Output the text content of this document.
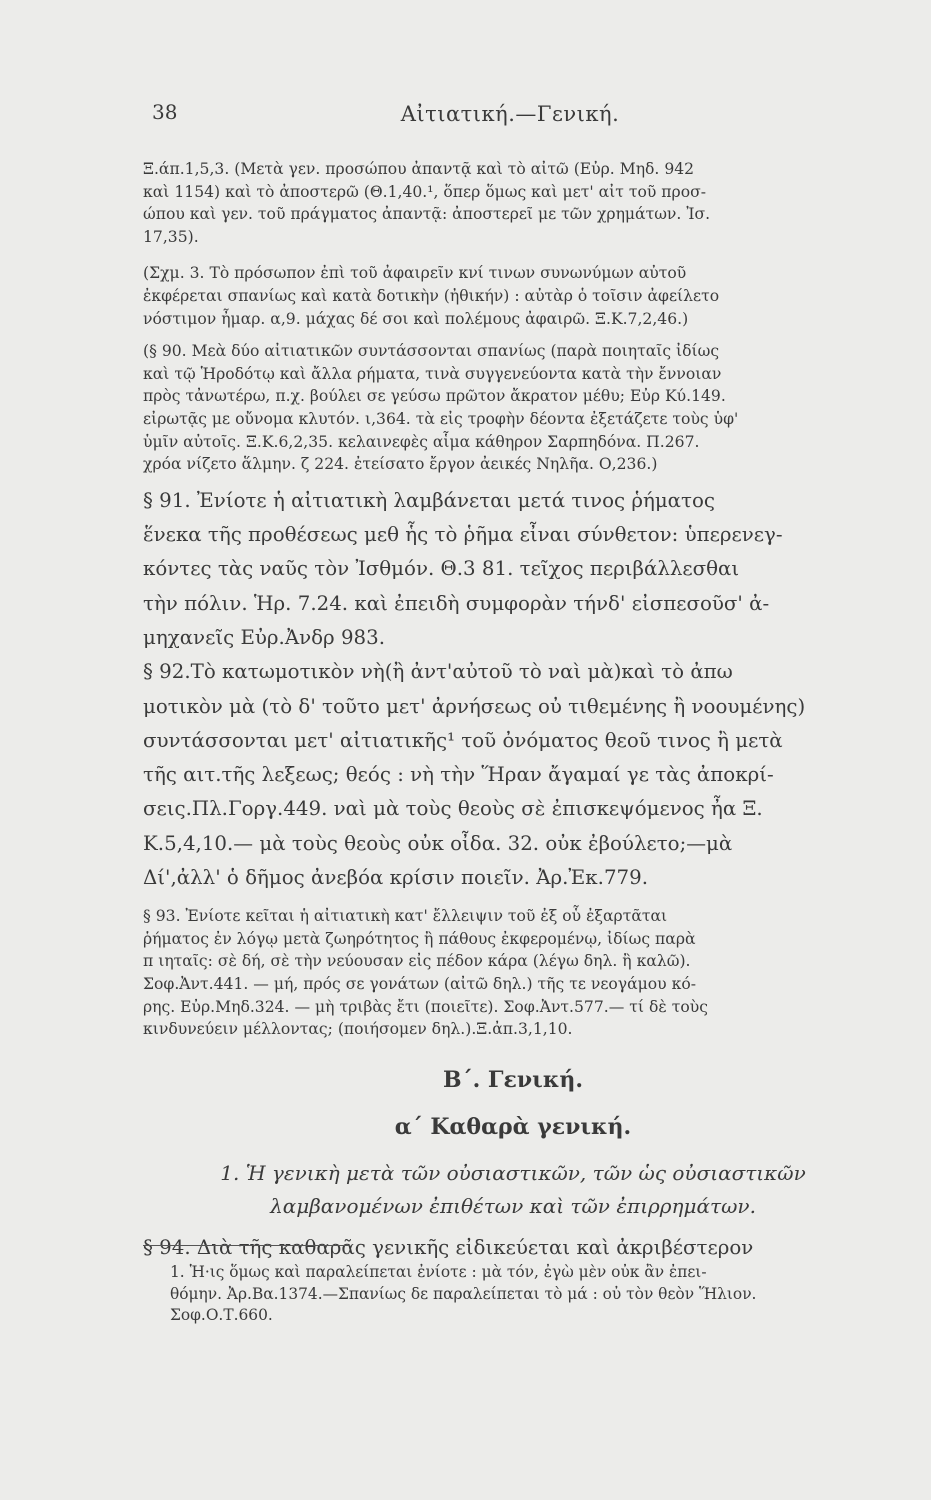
38	Αἰτιατική.—Γενική.

Ξ.άπ.1,5,3. (Μετὰ γεν. προσώπου ἀπαντᾷ καὶ τὸ αἰτῶ (Εὐρ. Μηδ. 942
καὶ 1154) καὶ τὸ ἀποστερῶ (Θ.1,40.¹, ὅπερ ὅμως καὶ μετ' αἰτ τοῦ προσ-
ώπου καὶ γεν. τοῦ πράγματος ἀπαντᾷ: ἀποστερεῖ με τῶν χρημάτων. Ἰσ.
17,35).

(Σχμ. 3. Τὸ πρόσωπον ἐπὶ τοῦ ἀφαιρεῖν κνί τινων συνωνύμων αὐτοῦ
ἐκφέρεται σπανίως καὶ κατὰ δοτικὴν (ἠθικήν) : αὐτὰρ ὁ τοῖσιν ἀφείλετο
νόστιμον ἦμαρ. α,9. μάχας δέ σοι καὶ πολέμους ἀφαιρῶ. Ξ.Κ.7,2,46.)

(§ 90. Μεὰ δύο αἰτιατικῶν συντάσσονται σπανίως (παρὰ ποιηταῖς ἰδίως
καὶ τῷ Ἡροδότῳ καὶ ἄλλα ρήματα, τινὰ συγγενεύοντα κατὰ τὴν ἔννοιαν
πρὸς τἀνωτέρω, π.χ. βούλει σε γεύσω πρῶτον ἄκρατον μέθυ; Εὐρ Κύ.149.
εἰρωτᾷς με οὔνομα κλυτόν. ι,364. τὰ εἰς τροφὴν δέοντα ἐξετάζετε τοὺς ὑφ'
ὑμῖν αὐτοῖς. Ξ.Κ.6,2,35. κελαινεφὲς αἷμα κάθηρον Σαρπηδόνα. Π.267.
χρόα νίζετο ἅλμην. ζ 224. ἐτείσατο ἔργον ἀεικές Νηλῆα. Ο,236.)

§ 91. Ἐνίοτε ἡ αἰτιατικὴ λαμβάνεται μετά τινος ῥήματος
ἕνεκα τῆς προθέσεως μεθ ἧς τὸ ῥῆμα εἶναι σύνθετον: ὑπερενεγ-
κόντες τὰς ναῦς τὸν Ἰσθμόν. Θ.3 81. τεῖχος περιβάλλεσθαι
τὴν πόλιν. Ἡρ. 7.24. καὶ ἐπειδὴ συμφορὰν τήνδ' εἰσπεσοῦσ' ἀ-
μηχανεῖς Εὐρ.Ἀνδρ 983.

§ 92.Τὸ κατωμοτικὸν νὴ(ἢ ἀντ'αὐτοῦ τὸ ναὶ μὰ)καὶ τὸ ἀπω
μοτικὸν μὰ (τὸ δ' τοῦτο μετ' ἀρνήσεως οὐ τιθεμένης ἢ νοουμένης)
συντάσσονται μετ' αἰτιατικῆς¹ τοῦ ὀνόματος θεοῦ τινος ἢ μετὰ
τῆς αιτ.τῆς λεξεως; θεός : νὴ τὴν Ἥραν ἄγαμαί γε τὰς ἀποκρί-
σεις.Πλ.Γοργ.449. ναὶ μὰ τοὺς θεοὺς σὲ ἐπισκεψόμενος ἦα Ξ.
Κ.5,4,10.— μὰ τοὺς θεοὺς οὐκ οἶδα. 32. οὐκ ἐβούλετο;—μὰ
Δί',ἀλλ' ὁ δῆμος ἀνεβόα κρίσιν ποιεῖν. Ἀρ.Ἐκ.779.

§ 93. Ἐνίοτε κεῖται ἡ αἰτιατικὴ κατ' ἔλλειψιν τοῦ ἐξ οὗ ἐξαρτᾶται
ῥήματος ἐν λόγῳ μετὰ ζωηρότητος ἢ πάθους ἐκφερομένῳ, ἰδίως παρὰ
π ιηταῖς: σὲ δή, σὲ τὴν νεύουσαν εἰς πέδον κάρα (λέγω δηλ. ἢ καλῶ).
Σοφ.Ἀντ.441. — μή, πρός σε γονάτων (αἰτῶ δηλ.) τῆς τε νεογάμου κό-
ρης. Εὐρ.Μηδ.324. — μὴ τριβὰς ἔτι (ποιεῖτε). Σοφ.Ἀντ.577.— τί δὲ τοὺς
κινδυνεύειν μέλλοντας; (ποιήσομεν δηλ.).Ξ.ἀπ.3,1,10.

Β΄. Γενική.
α΄ Καθαρὰ γενική.
1. Ἡ γενικὴ μετὰ τῶν οὐσιαστικῶν, τῶν ὡς οὐσιαστικῶν
λαμβανομένων ἐπιθέτων καὶ τῶν ἐπιρρημάτων.

§ 94. Διὰ τῆς καθαρᾶς γενικῆς εἰδικεύεται καὶ ἀκριβέστερον

1. Ἡ·ις ὅμως καὶ παραλείπεται ἐνίοτε : μὰ τόν, ἐγὼ μὲν οὐκ ἂν ἐπει-
θόμην. Ἀρ.Βα.1374.—Σπανίως δε παραλείπεται τὸ μά : οὐ τὸν θεὸν Ἥλιον.
Σοφ.Ο.Τ.660.
